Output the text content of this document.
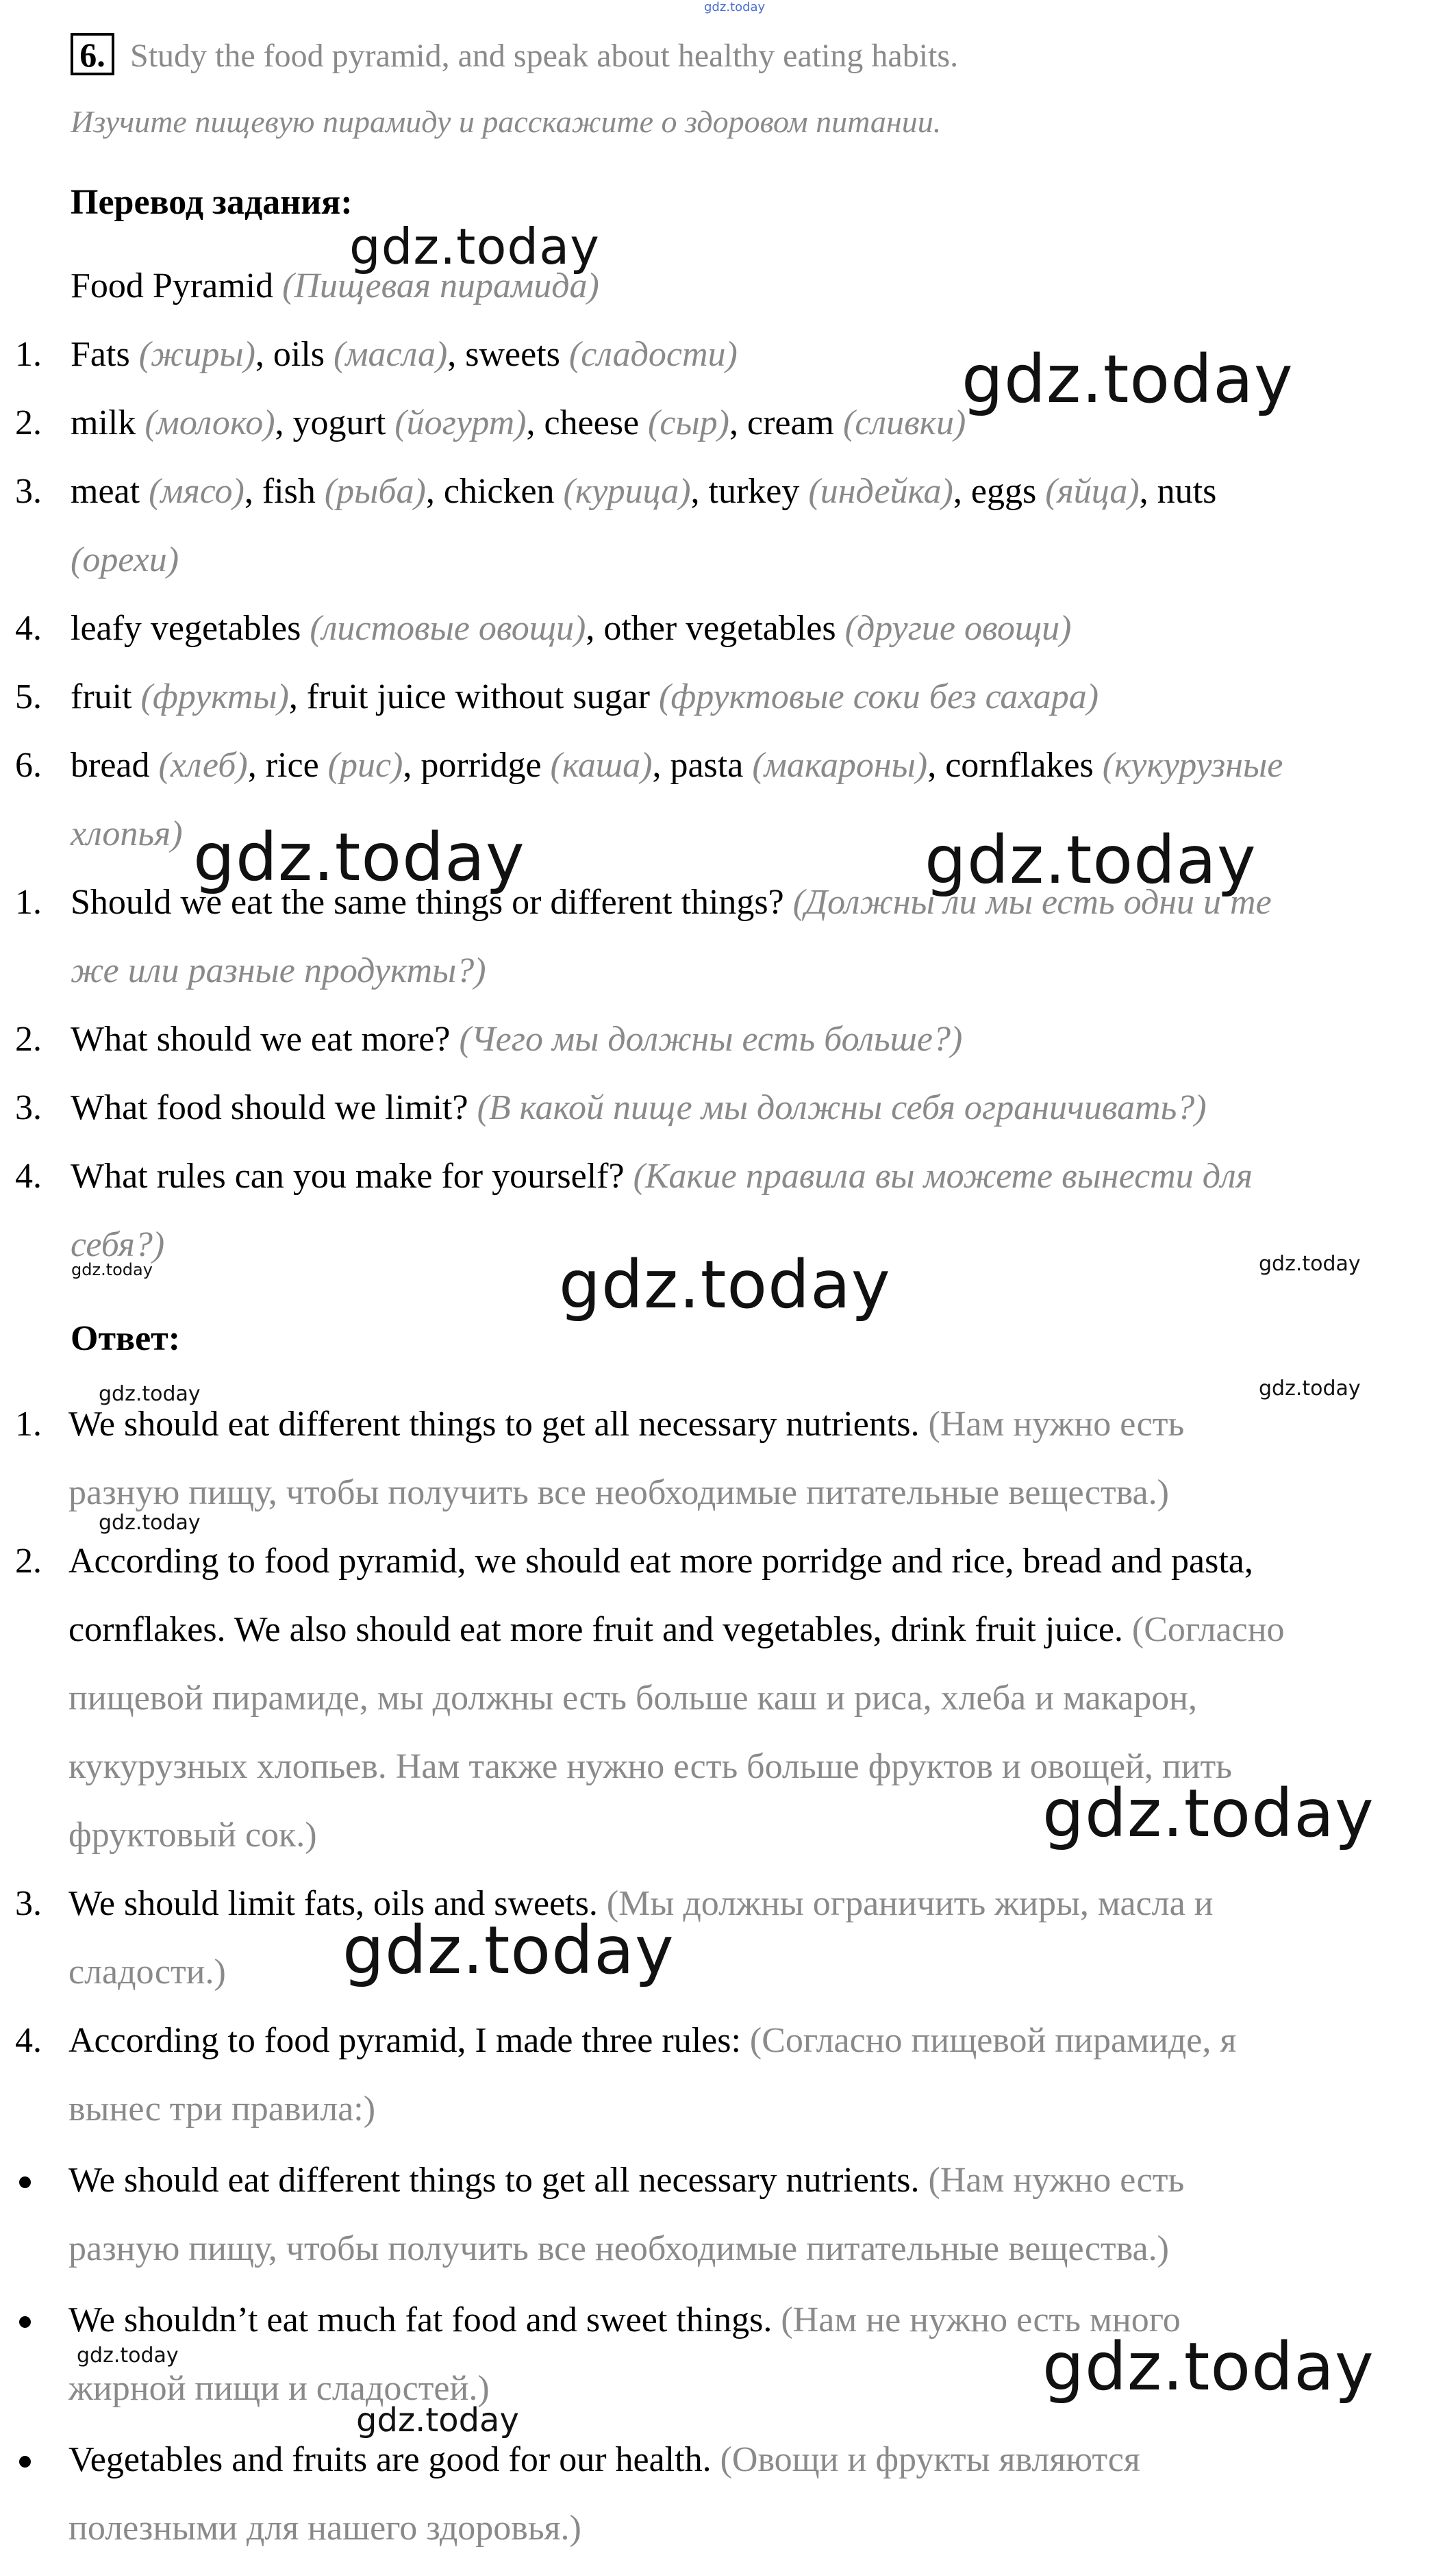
gdz.today
6. Study the food pyramid, and speak about healthy eating habits.
Изучите пищевую пирамиду и расскажите о здоровом питании.
Перевод задания:
Food Pyramid (Пищевая пирамида)
1. Fats (жиры), oils (масла), sweets (сладости)
2. milk (молоко), yogurt (йогурт), cheese (сыр), cream (сливки)
3. meat (мясо), fish (рыба), chicken (курица), turkey (индейка), eggs (яйца), nuts
(орехи)
4. leafy vegetables (листовые овощи), other vegetables (другие овощи)
5. fruit (фрукты), fruit juice without sugar (фруктовые соки без сахара)
6. bread (хлеб), rice (рис), porridge (каша), pasta (макароны), cornflakes (кукурузные
хлопья)
1. Should we eat the same things or different things? (Должны ли мы есть одни и те
же или разные продукты?)
2. What should we eat more? (Чего мы должны есть больше?)
3. What food should we limit? (В какой пище мы должны себя ограничивать?)
4. What rules can you make for yourself? (Какие правила вы можете вынести для
себя?)
Ответ:
1. We should eat different things to get all necessary nutrients. (Нам нужно есть
разную пищу, чтобы получить все необходимые питательные вещества.)
2. According to food pyramid, we should eat more porridge and rice, bread and pasta,
cornflakes. We also should eat more fruit and vegetables, drink fruit juice. (Согласно
пищевой пирамиде, мы должны есть больше каш и риса, хлеба и макарон,
кукурузных хлопьев. Нам также нужно есть больше фруктов и овощей, пить
фруктовый сок.)
3. We should limit fats, oils and sweets. (Мы должны ограничить жиры, масла и
сладости.)
4. According to food pyramid, I made three rules: (Согласно пищевой пирамиде, я
вынес три правила:)
We should eat different things to get all necessary nutrients. (Нам нужно есть
разную пищу, чтобы получить все необходимые питательные вещества.)
We shouldn’t eat much fat food and sweet things. (Нам не нужно есть много
жирной пищи и сладостей.)
Vegetables and fruits are good for our health. (Овощи и фрукты являются
полезными для нашего здоровья.)
gdz.today
gdz.today
gdz.today	gdz.today
gdz.today	gdz.today	gdz.today
gdz.today	gdz.today
gdz.today
gdz.today
gdz.today
gdz.today	gdz.today
gdz.today
